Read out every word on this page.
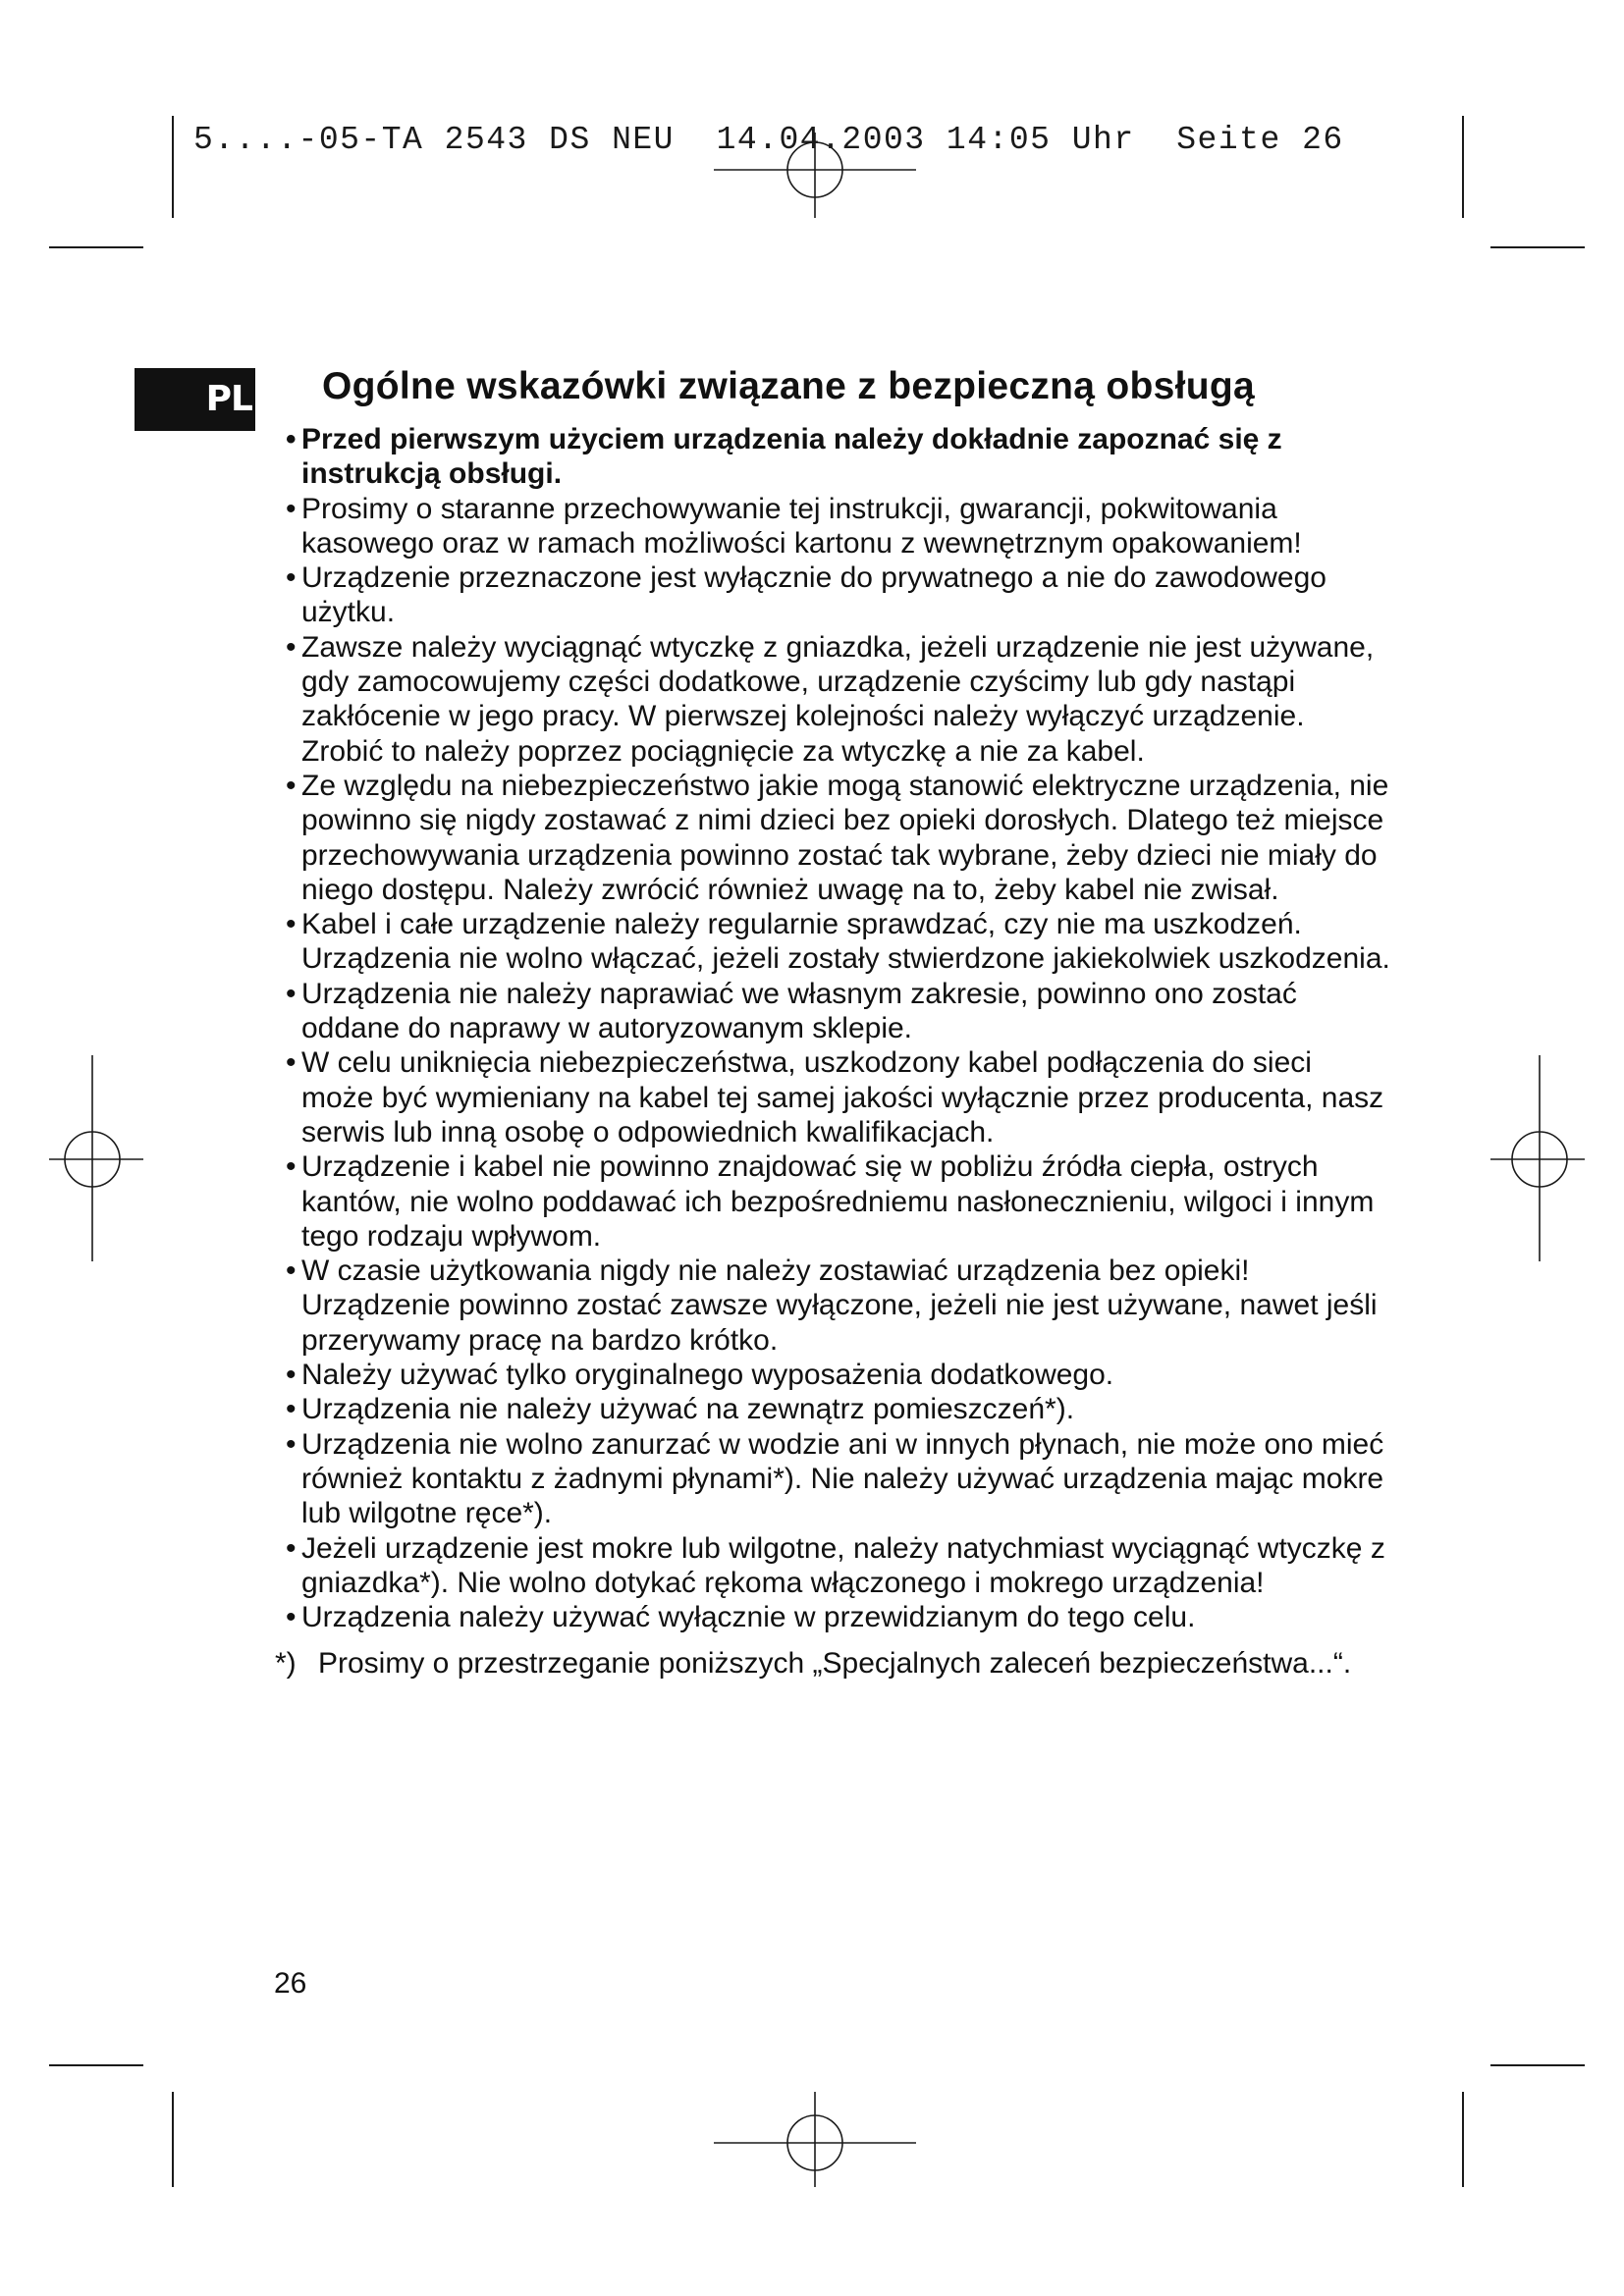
5....-05-TA 2543 DS NEU  14.04.2003 14:05 Uhr  Seite 26
PL Ogólne wskazówki związane z bezpieczną obsługą
• Przed pierwszym użyciem urządzenia należy dokładnie zapoznać się z instrukcją obsługi.
• Prosimy o staranne przechowywanie tej instrukcji, gwarancji, pokwitowania kasowego oraz w ramach możliwości kartonu z wewnętrznym opakowaniem!
• Urządzenie przeznaczone jest wyłącznie do prywatnego a nie do zawodowego użytku.
• Zawsze należy wyciągnąć wtyczkę z gniazdka, jeżeli urządzenie nie jest używane, gdy zamocowujemy części dodatkowe, urządzenie czyścimy lub gdy nastąpi zakłócenie w jego pracy. W pierwszej kolejności należy wyłączyć urządzenie. Zrobić to należy poprzez pociągnięcie za wtyczkę a nie za kabel.
• Ze względu na niebezpieczeństwo jakie mogą stanowić elektryczne urządzenia, nie powinno się nigdy zostawać z nimi dzieci bez opieki dorosłych. Dlatego też miejsce przechowywania urządzenia powinno zostać tak wybrane, żeby dzieci nie miały do niego dostępu. Należy zwrócić również uwagę na to, żeby kabel nie zwisał.
• Kabel i całe urządzenie należy regularnie sprawdzać, czy nie ma uszkodzeń. Urządzenia nie wolno włączać, jeżeli zostały stwierdzone jakiekolwiek uszkodzenia.
• Urządzenia nie należy naprawiać we własnym zakresie, powinno ono zostać oddane do naprawy w autoryzowanym sklepie.
• W celu uniknięcia niebezpieczeństwa, uszkodzony kabel podłączenia do sieci może być wymieniany na kabel tej samej jakości wyłącznie przez producenta, nasz serwis lub inną osobę o odpowiednich kwalifikacjach.
• Urządzenie i kabel nie powinno znajdować się w pobliżu źródła ciepła, ostrych kantów, nie wolno poddawać ich bezpośredniemu nasłonecznieniu, wilgoci i innym tego rodzaju wpływom.
• W czasie użytkowania nigdy nie należy zostawiać urządzenia bez opieki! Urządzenie powinno zostać zawsze wyłączone, jeżeli nie jest używane, nawet jeśli przerywamy pracę na bardzo krótko.
• Należy używać tylko oryginalnego wyposażenia dodatkowego.
• Urządzenia nie należy używać na zewnątrz pomieszczeń*).
• Urządzenia nie wolno zanurzać w wodzie ani w innych płynach, nie może ono mieć również kontaktu z żadnymi płynami*). Nie należy używać urządzenia mając mokre lub wilgotne ręce*).
• Jeżeli urządzenie jest mokre lub wilgotne, należy natychmiast wyciągnąć wtyczkę z gniazdka*). Nie wolno dotykać rękoma włączonego i mokrego urządzenia!
• Urządzenia należy używać wyłącznie w przewidzianym do tego celu.

*) Prosimy o przestrzeganie poniższych „Specjalnych zaleceń bezpieczeństwa...“.

26
